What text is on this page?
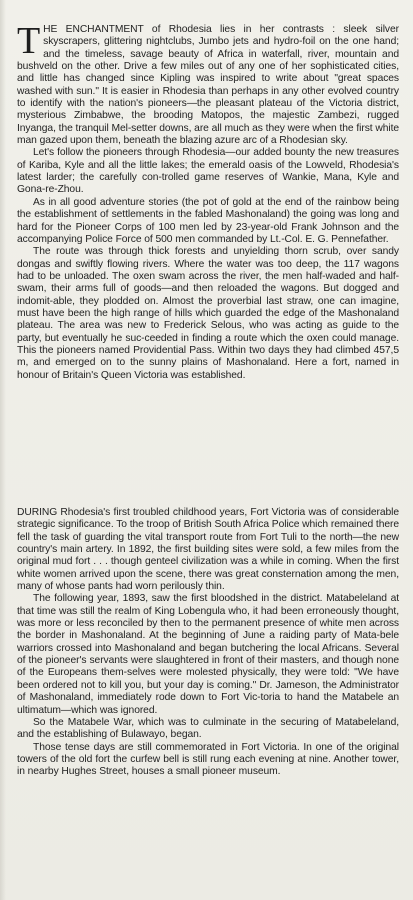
THE ENCHANTMENT of Rhodesia lies in her contrasts : sleek silver skyscrapers, glittering nightclubs, Jumbo jets and hydro-foil on the one hand; and the timeless, savage beauty of Africa in waterfall, river, mountain and bushveld on the other. Drive a few miles out of any one of her sophisticated cities, and little has changed since Kipling was inspired to write about "great spaces washed with sun." It is easier in Rhodesia than perhaps in any other evolved country to identify with the nation's pioneers—the pleasant plateau of the Victoria district, mysterious Zimbabwe, the brooding Matopos, the majestic Zambezi, rugged Inyanga, the tranquil Mel-setter downs, are all much as they were when the first white man gazed upon them, beneath the blazing azure arc of a Rhodesian sky.

Let's follow the pioneers through Rhodesia—our added bounty the new treasures of Kariba, Kyle and all the little lakes; the emerald oasis of the Lowveld, Rhodesia's latest larder; the carefully con-trolled game reserves of Wankie, Mana, Kyle and Gona-re-Zhou.

As in all good adventure stories (the pot of gold at the end of the rainbow being the establishment of settlements in the fabled Mashonaland) the going was long and hard for the Pioneer Corps of 100 men led by 23-year-old Frank Johnson and the accompanying Police Force of 500 men commanded by Lt.-Col. E. G. Pennefather.

The route was through thick forests and unyielding thorn scrub, over sandy dongas and swiftly flowing rivers. Where the water was too deep, the 117 wagons had to be unloaded. The oxen swam across the river, the men half-waded and half-swam, their arms full of goods—and then reloaded the wagons. But dogged and indomit-able, they plodded on. Almost the proverbial last straw, one can imagine, must have been the high range of hills which guarded the edge of the Mashonaland plateau. The area was new to Frederick Selous, who was acting as guide to the party, but eventually he suc-ceeded in finding a route which the oxen could manage. This the pioneers named Providential Pass. Within two days they had climbed 457,5 m, and emerged on to the sunny plains of Mashonaland. Here a fort, named in honour of Britain's Queen Victoria was established.

DURING Rhodesia's first troubled childhood years, Fort Victoria was of considerable strategic significance. To the troop of British South Africa Police which remained there fell the task of guarding the vital transport route from Fort Tuli to the north—the new country's main artery. In 1892, the first building sites were sold, a few miles from the original mud fort . . . though genteel civilization was a while in coming. When the first white women arrived upon the scene, there was great consternation among the men, many of whose pants had worn perilously thin.

The following year, 1893, saw the first bloodshed in the district. Matabeleland at that time was still the realm of King Lobengula who, it had been erroneously thought, was more or less reconciled by then to the permanent presence of white men across the border in Mashonaland. At the beginning of June a raiding party of Mata-bele warriors crossed into Mashonaland and began butchering the local Africans. Several of the pioneer's servants were slaughtered in front of their masters, and though none of the Europeans them-selves were molested physically, they were told: "We have been ordered not to kill you, but your day is coming." Dr. Jameson, the Administrator of Mashonaland, immediately rode down to Fort Vic-toria to hand the Matabele an ultimatum—which was ignored.

So the Matabele War, which was to culminate in the securing of Matabeleland, and the establishing of Bulawayo, began.

Those tense days are still commemorated in Fort Victoria. In one of the original towers of the old fort the curfew bell is still rung each evening at nine. Another tower, in nearby Hughes Street, houses a small pioneer museum.
